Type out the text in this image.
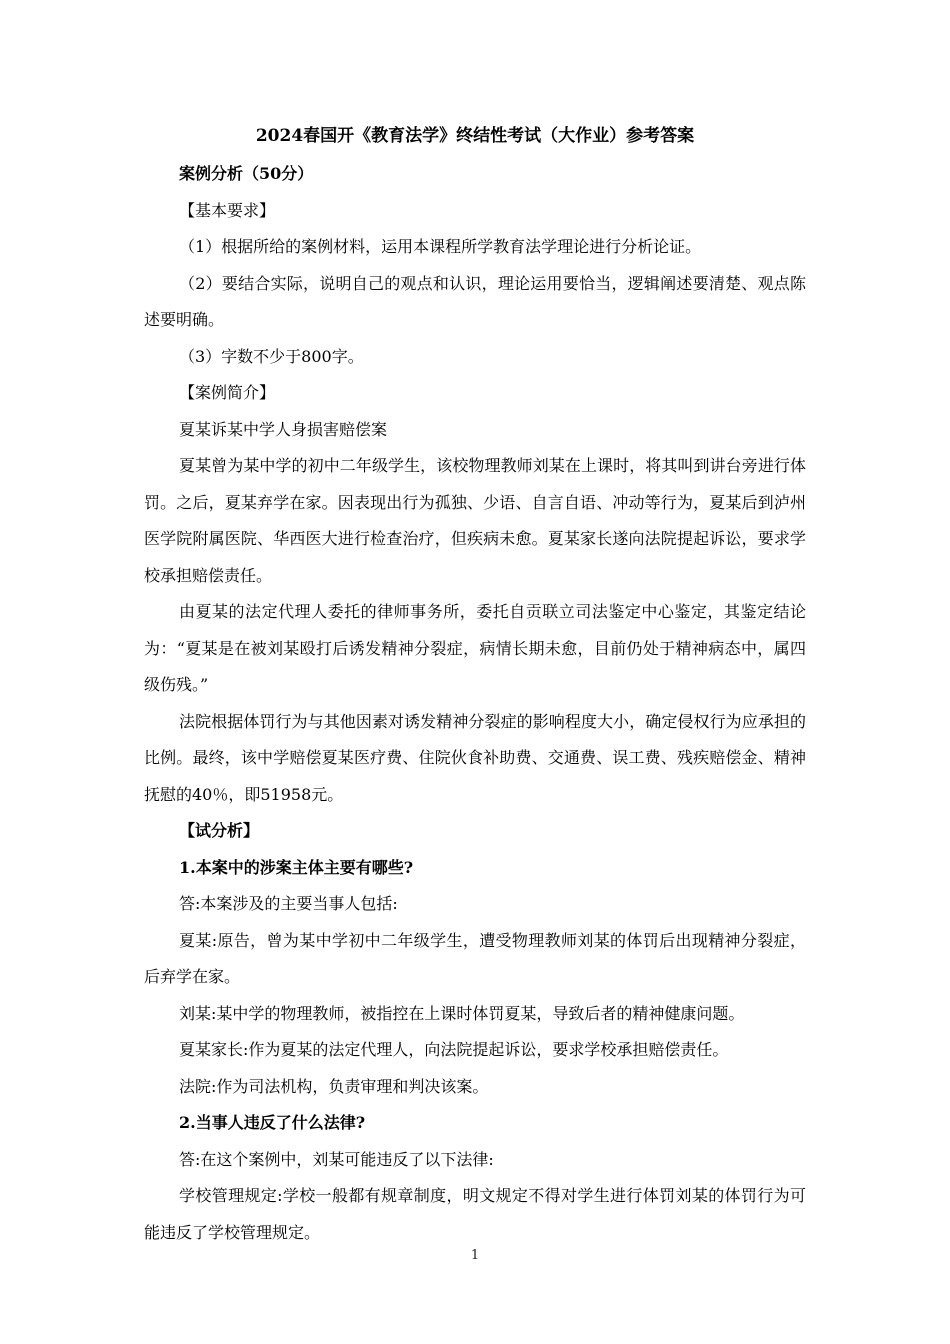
2024春国开《教育法学》终结性考试（大作业）参考答案

案例分析（50分）

【基本要求】

（1）根据所给的案例材料，运用本课程所学教育法学理论进行分析论证。

（2）要结合实际，说明自己的观点和认识，理论运用要恰当，逻辑阐述要清楚、观点陈述要明确。

（3）字数不少于800字。

【案例简介】

夏某诉某中学人身损害赔偿案

夏某曾为某中学的初中二年级学生，该校物理教师刘某在上课时，将其叫到讲台旁进行体罚。之后，夏某弃学在家。因表现出行为孤独、少语、自言自语、冲动等行为，夏某后到泸州医学院附属医院、华西医大进行检查治疗，但疾病未愈。夏某家长遂向法院提起诉讼，要求学校承担赔偿责任。

由夏某的法定代理人委托的律师事务所，委托自贡联立司法鉴定中心鉴定，其鉴定结论为：“夏某是在被刘某殴打后诱发精神分裂症，病情长期未愈，目前仍处于精神病态中，属四级伤残。”

法院根据体罚行为与其他因素对诱发精神分裂症的影响程度大小，确定侵权行为应承担的比例。最终，该中学赔偿夏某医疗费、住院伙食补助费、交通费、误工费、残疾赔偿金、精神抚慰的40％，即51958元。

【试分析】

1.本案中的涉案主体主要有哪些?

答:本案涉及的主要当事人包括:

夏某:原告，曾为某中学初中二年级学生，遭受物理教师刘某的体罚后出现精神分裂症，后弃学在家。

刘某:某中学的物理教师，被指控在上课时体罚夏某，导致后者的精神健康问题。

夏某家长:作为夏某的法定代理人，向法院提起诉讼，要求学校承担赔偿责任。

法院:作为司法机构，负责审理和判决该案。

2.当事人违反了什么法律?

答:在这个案例中，刘某可能违反了以下法律:

学校管理规定:学校一般都有规章制度，明文规定不得对学生进行体罚刘某的体罚行为可能违反了学校管理规定。

1
